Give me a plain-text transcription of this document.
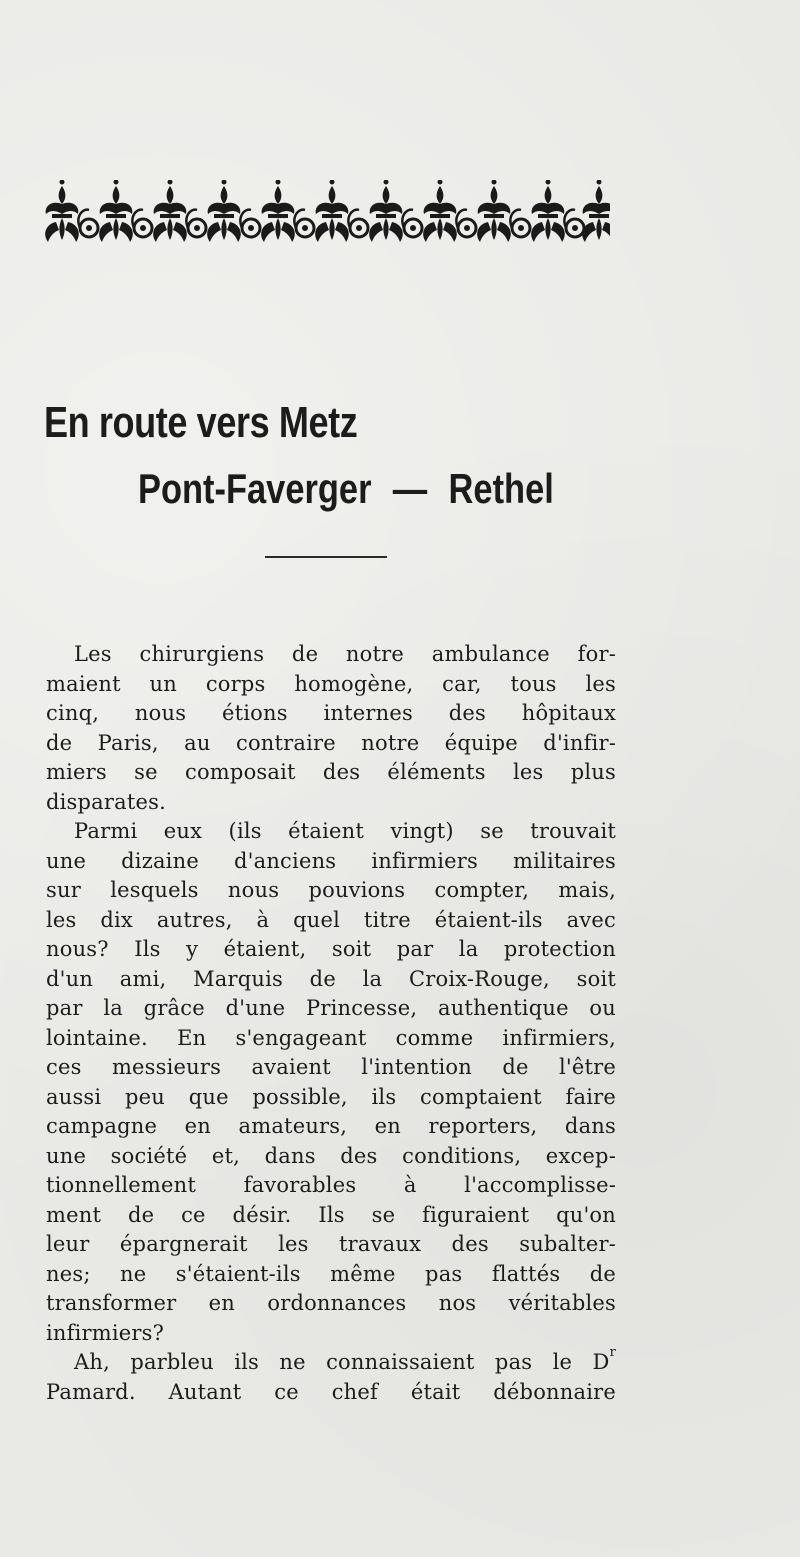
En route vers Metz
Pont-Faverger — Rethel
Les chirurgiens de notre ambulance for-
maient un corps homogène, car, tous les
cinq, nous étions internes des hôpitaux
de Paris, au contraire notre équipe d'infir-
miers se composait des éléments les plus
disparates.
Parmi eux (ils étaient vingt) se trouvait
une dizaine d'anciens infirmiers militaires
sur lesquels nous pouvions compter, mais,
les dix autres, à quel titre étaient-ils avec
nous? Ils y étaient, soit par la protection
d'un ami, Marquis de la Croix-Rouge, soit
par la grâce d'une Princesse, authentique ou
lointaine. En s'engageant comme infirmiers,
ces messieurs avaient l'intention de l'être
aussi peu que possible, ils comptaient faire
campagne en amateurs, en reporters, dans
une société et, dans des conditions, excep-
tionnellement favorables à l'accomplisse-
ment de ce désir. Ils se figuraient qu'on
leur épargnerait les travaux des subalter-
nes; ne s'étaient-ils même pas flattés de
transformer en ordonnances nos véritables
infirmiers?
Ah, parbleu ils ne connaissaient pas le $D^r$
Pamard. Autant ce chef était débonnaire
